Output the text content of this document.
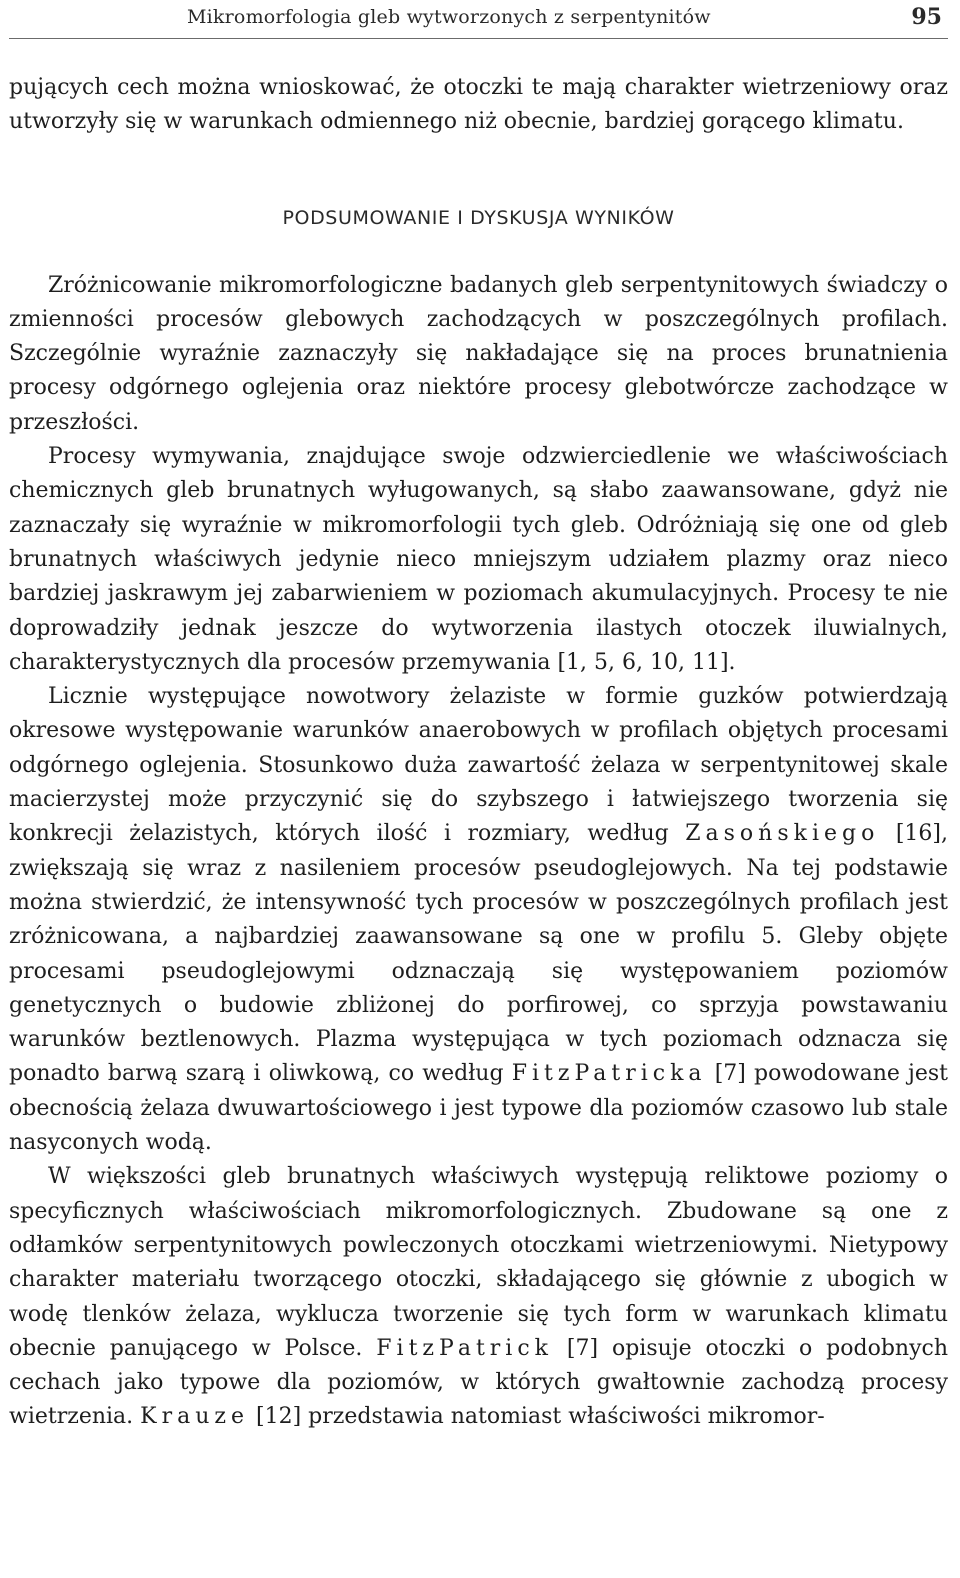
Mikromorfologia gleb wytworzonych z serpentynitów	95

pujących cech można wnioskować, że otoczki te mają charakter wietrzeniowy oraz utworzyły się w warunkach odmiennego niż obecnie, bardziej gorącego klimatu.

PODSUMOWANIE I DYSKUSJA WYNIKÓW

Zróżnicowanie mikromorfologiczne badanych gleb serpentynitowych świadczy o zmienności procesów glebowych zachodzących w poszczególnych profilach. Szczególnie wyraźnie zaznaczyły się nakładające się na proces brunatnienia procesy odgórnego oglejenia oraz niektóre procesy glebotwórcze zachodzące w przeszłości.

Procesy wymywania, znajdujące swoje odzwierciedlenie we właściwościach chemicznych gleb brunatnych wyługowanych, są słabo zaawansowane, gdyż nie zaznaczały się wyraźnie w mikromorfologii tych gleb. Odróżniają się one od gleb brunatnych właściwych jedynie nieco mniejszym udziałem plazmy oraz nieco bardziej jaskrawym jej zabarwieniem w poziomach akumulacyjnych. Procesy te nie doprowadziły jednak jeszcze do wytworzenia ilastych otoczek iluwialnych, charakterystycznych dla procesów przemywania [1, 5, 6, 10, 11].

Licznie występujące nowotwory żelaziste w formie guzków potwierdzają okresowe występowanie warunków anaerobowych w profilach objętych procesami odgórnego oglejenia. Stosunkowo duża zawartość żelaza w serpentynitowej skale macierzystej może przyczynić się do szybszego i łatwiejszego tworzenia się konkrecji żelazistych, których ilość i rozmiary, według Zasońskiego [16], zwiększają się wraz z nasileniem procesów pseudoglejowych. Na tej podstawie można stwierdzić, że intensywność tych procesów w poszczególnych profilach jest zróżnicowana, a najbardziej zaawansowane są one w profilu 5. Gleby objęte procesami pseudoglejowymi odznaczają się występowaniem poziomów genetycznych o budowie zbliżonej do porfirowej, co sprzyja powstawaniu warunków beztlenowych. Plazma występująca w tych poziomach odznacza się ponadto barwą szarą i oliwkową, co według FitzPatricka [7] powodowane jest obecnością żelaza dwuwartościowego i jest typowe dla poziomów czasowo lub stale nasyconych wodą.

W większości gleb brunatnych właściwych występują reliktowe poziomy o specyficznych właściwościach mikromorfologicznych. Zbudowane są one z odłamków serpentynitowych powleczonych otoczkami wietrzeniowymi. Nietypowy charakter materiału tworzącego otoczki, składającego się głównie z ubogich w wodę tlenków żelaza, wyklucza tworzenie się tych form w warunkach klimatu obecnie panującego w Polsce. FitzPatrick [7] opisuje otoczki o podobnych cechach jako typowe dla poziomów, w których gwałtownie zachodzą procesy wietrzenia. Krauze [12] przedstawia natomiast właściwości mikromor-
